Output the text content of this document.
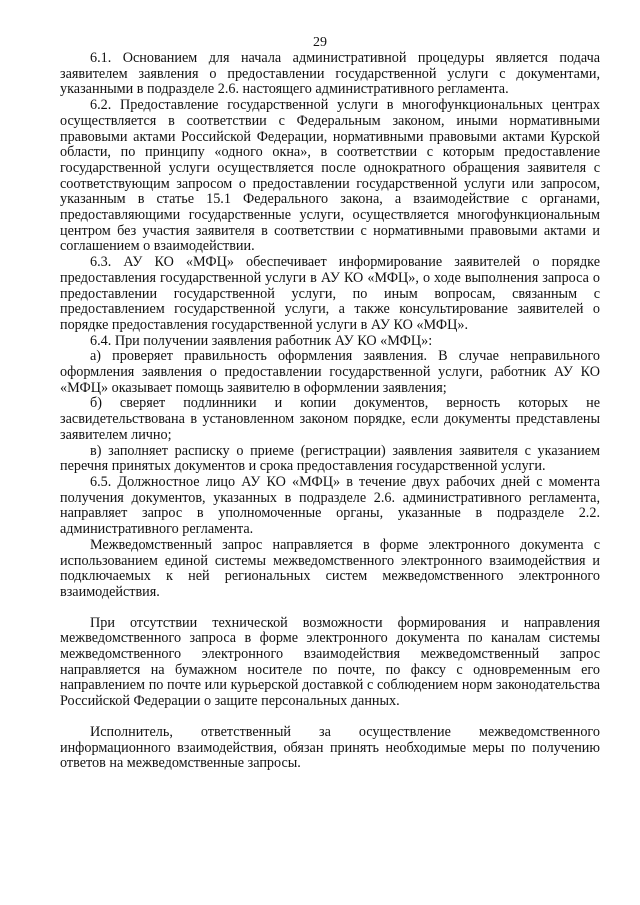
29

6.1. Основанием для начала административной процедуры является подача заявителем заявления о предоставлении государственной услуги с документами, указанными в подразделе 2.6. настоящего административного регламента.

6.2. Предоставление государственной услуги в многофункциональных центрах осуществляется в соответствии с Федеральным законом, иными нормативными правовыми актами Российской Федерации, нормативными правовыми актами Курской области, по принципу «одного окна», в соответствии с которым предоставление государственной услуги осуществляется после однократного обращения заявителя с соответствующим запросом о предоставлении государственной услуги или запросом, указанным в статье 15.1 Федерального закона, а взаимодействие с органами, предоставляющими государственные услуги, осуществляется многофункциональным центром без участия заявителя в соответствии с нормативными правовыми актами и соглашением о взаимодействии.

6.3. АУ КО «МФЦ» обеспечивает информирование заявителей о порядке предоставления государственной услуги в АУ КО «МФЦ», о ходе выполнения запроса о предоставлении государственной услуги, по иным вопросам, связанным с предоставлением государственной услуги, а также консультирование заявителей о порядке предоставления государственной услуги в АУ КО «МФЦ».

6.4. При получении заявления работник АУ КО «МФЦ»:

а) проверяет правильность оформления заявления. В случае неправильного оформления заявления о предоставлении государственной услуги, работник АУ КО «МФЦ» оказывает помощь заявителю в оформлении заявления;

б) сверяет подлинники и копии документов, верность которых не засвидетельствована в установленном законом порядке, если документы представлены заявителем лично;

в) заполняет расписку о приеме (регистрации) заявления заявителя с указанием перечня принятых документов и срока предоставления государственной услуги.

6.5. Должностное лицо АУ КО «МФЦ» в течение двух рабочих дней с момента получения документов, указанных в подразделе 2.6. административного регламента, направляет запрос в уполномоченные органы, указанные в подразделе 2.2. административного регламента.

Межведомственный запрос направляется в форме электронного документа с использованием единой системы межведомственного электронного взаимодействия и подключаемых к ней региональных систем межведомственного электронного взаимодействия.

При отсутствии технической возможности формирования и направления межведомственного запроса в форме электронного документа по каналам системы межведомственного электронного взаимодействия межведомственный запрос направляется на бумажном носителе по почте, по факсу с одновременным его направлением по почте или курьерской доставкой с соблюдением норм законодательства Российской Федерации о защите персональных данных.

Исполнитель, ответственный за осуществление межведомственного информационного взаимодействия, обязан принять необходимые меры по получению ответов на межведомственные запросы.
